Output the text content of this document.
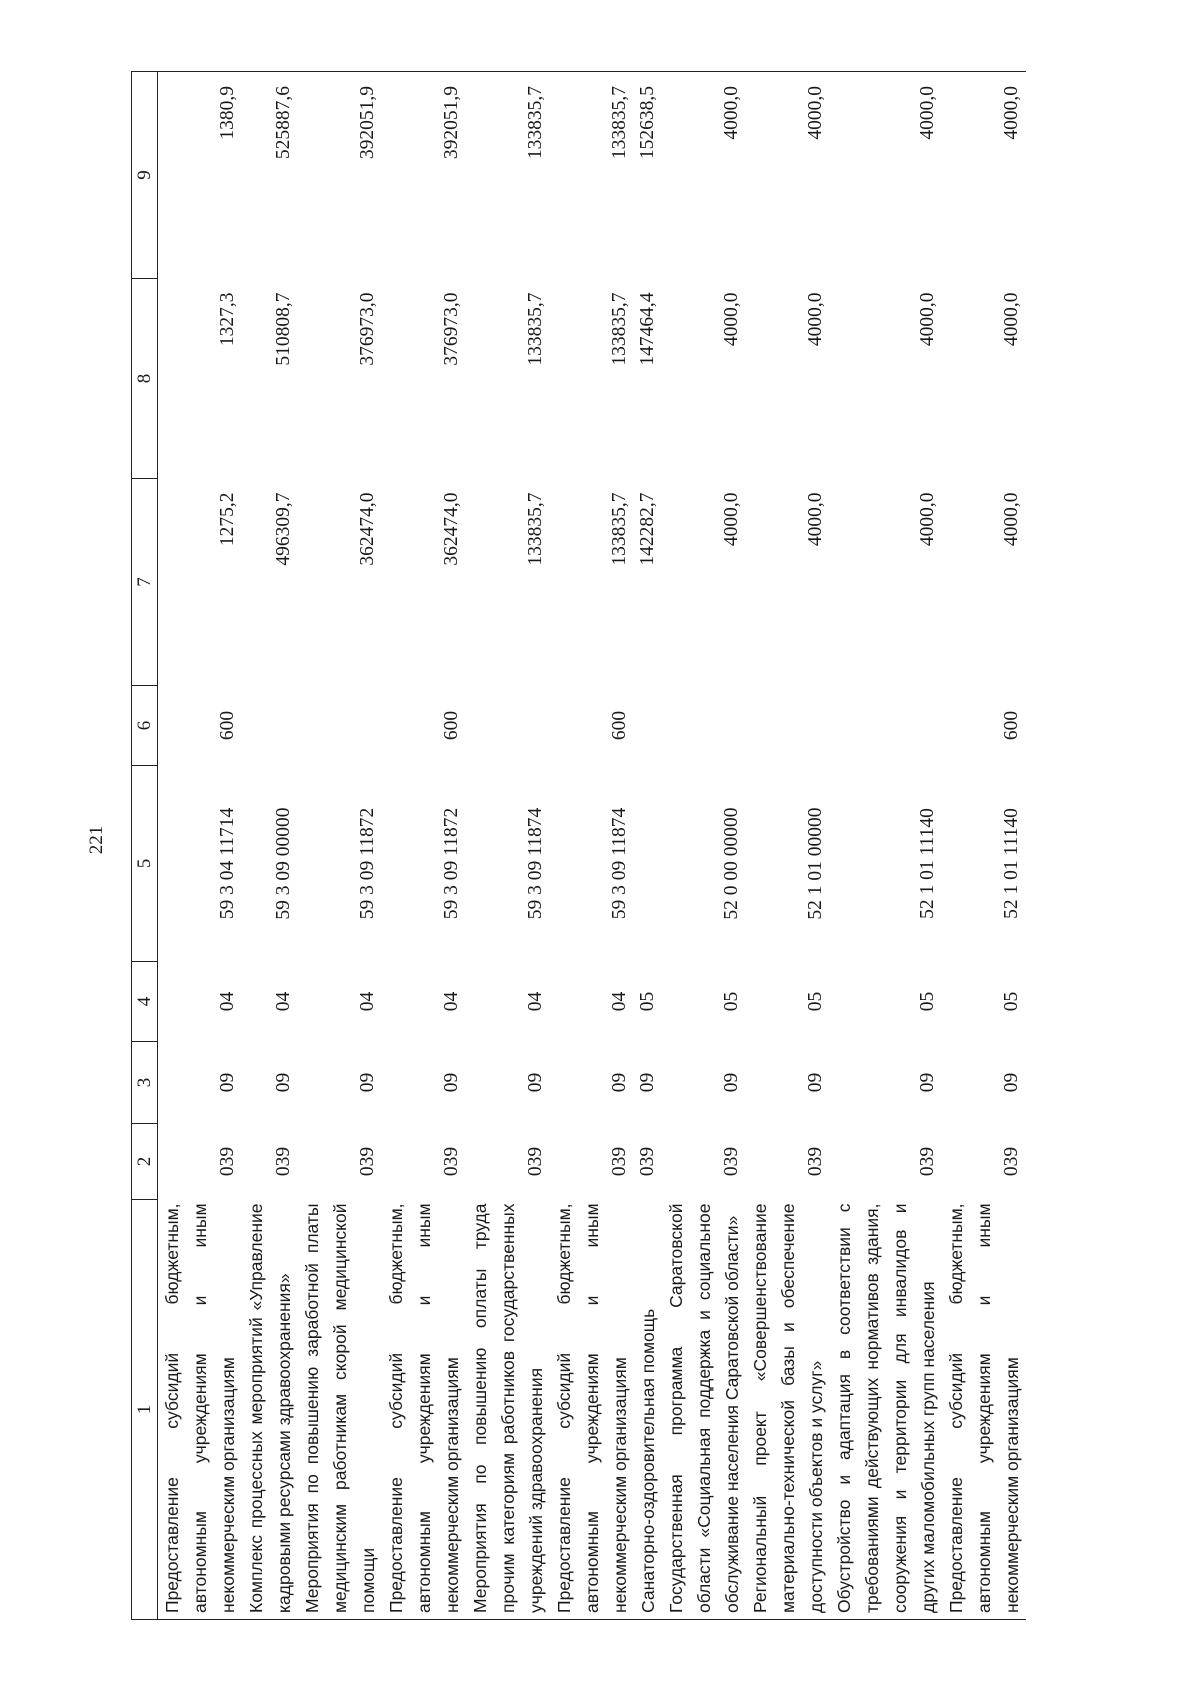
221
1	2	3	4	5	6	7	8	9
Предоставление субсидий бюджетным, автономным учреждениям и иным некоммерческим организациям	039	09	04	59 3 04 11714	600	1275,2	1327,3	1380,9
Комплекс процессных мероприятий «Управление кадровыми ресурсами здравоохранения»	039	09	04	59 3 09 00000		496309,7	510808,7	525887,6
Мероприятия по повышению заработной платы медицинским работникам скорой медицинской помощи	039	09	04	59 3 09 11872		362474,0	376973,0	392051,9
Предоставление субсидий бюджетным, автономным учреждениям и иным некоммерческим организациям	039	09	04	59 3 09 11872	600	362474,0	376973,0	392051,9
Мероприятия по повышению оплаты труда прочим категориям работников государственных учреждений здравоохранения	039	09	04	59 3 09 11874		133835,7	133835,7	133835,7
Предоставление субсидий бюджетным, автономным учреждениям и иным некоммерческим организациям	039	09	04	59 3 09 11874	600	133835,7	133835,7	133835,7
Санаторно-оздоровительная помощь	039	09	05			142282,7	147464,4	152638,5
Государственная программа Саратовской области «Социальная поддержка и социальное обслуживание населения Саратовской области»	039	09	05	52 0 00 00000		4000,0	4000,0	4000,0
Региональный проект «Совершенствование материально-технической базы и обеспечение доступности объектов и услуг»	039	09	05	52 1 01 00000		4000,0	4000,0	4000,0
Обустройство и адаптация в соответствии с требованиями действующих нормативов здания, сооружения и территории для инвалидов и других маломобильных групп населения	039	09	05	52 1 01 11140		4000,0	4000,0	4000,0
Предоставление субсидий бюджетным, автономным учреждениям и иным некоммерческим организациям	039	09	05	52 1 01 11140	600	4000,0	4000,0	4000,0
